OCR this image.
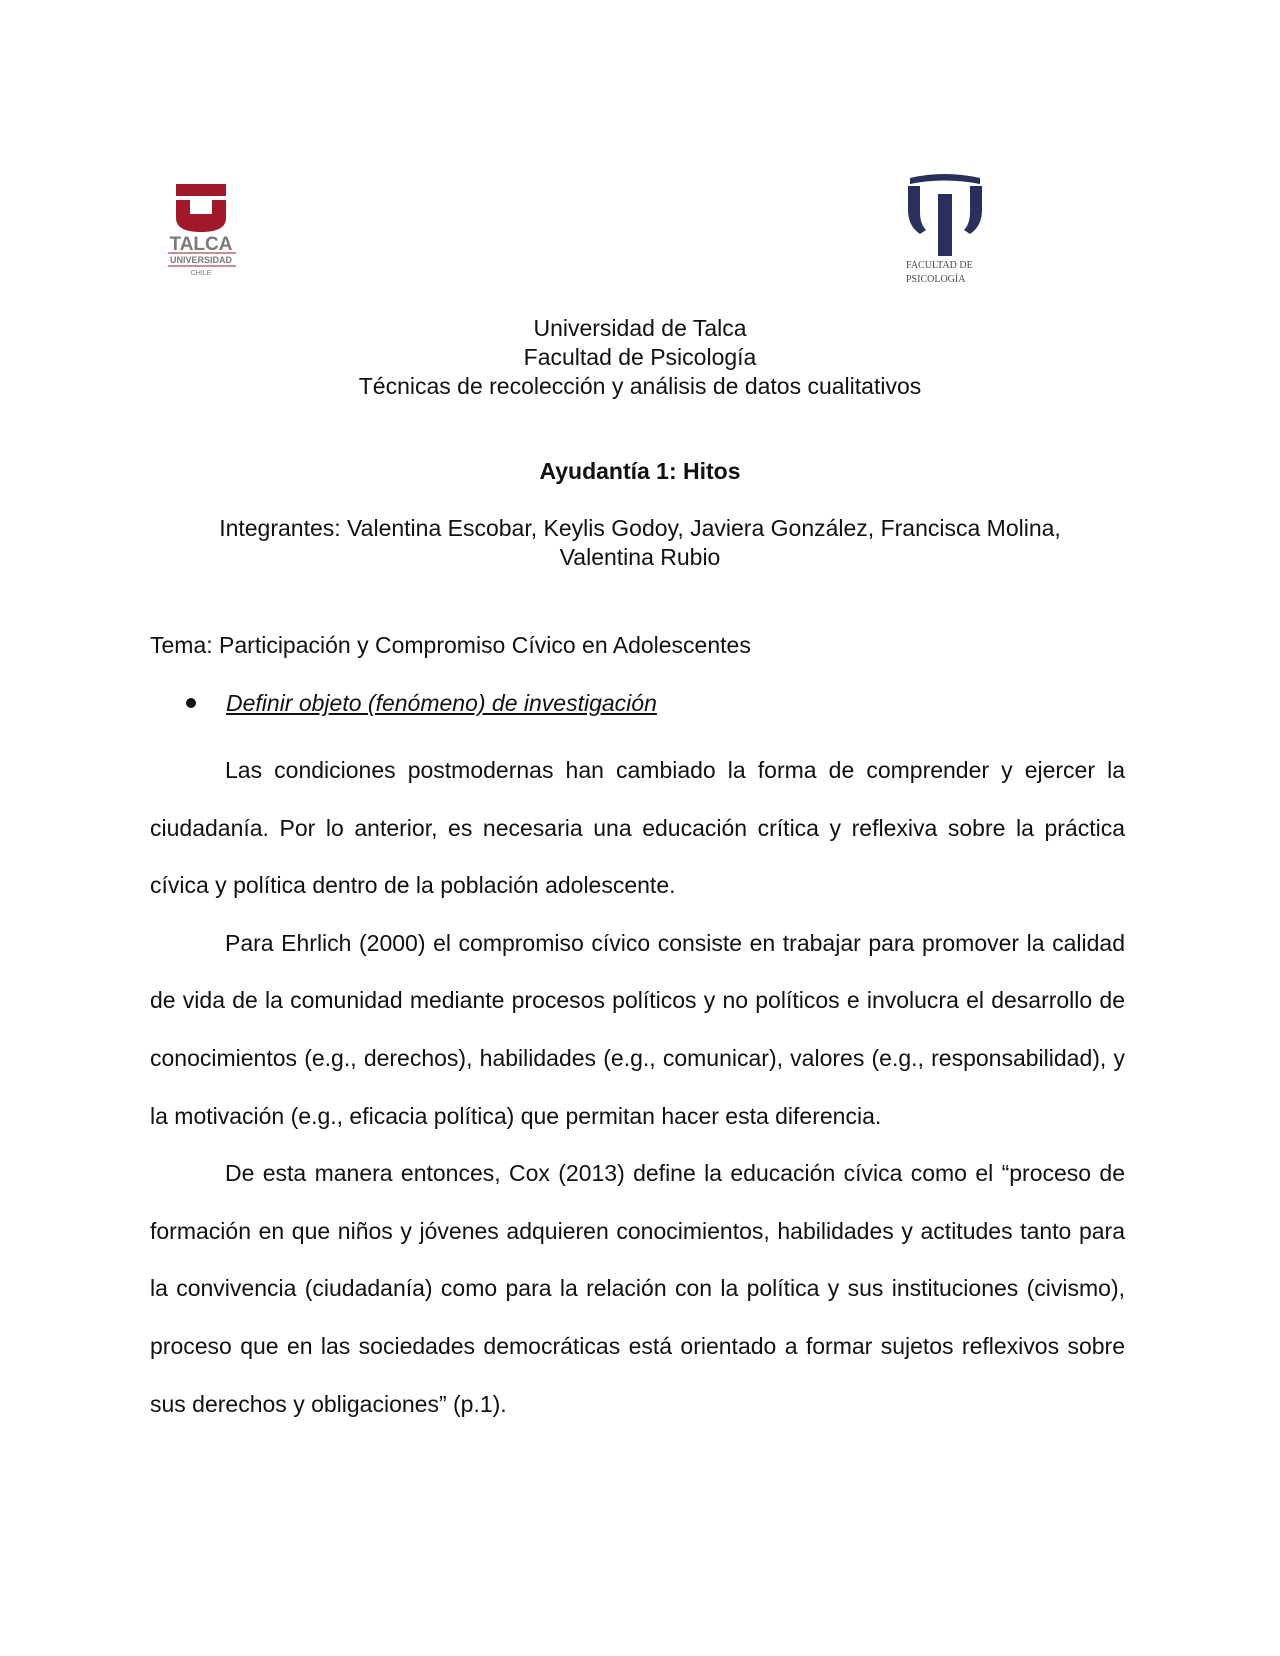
TALCA
UNIVERSIDAD
CHILE
FACULTAD DE
PSICOLOGÍA
Universidad de Talca
Facultad de Psicología
Técnicas de recolección y análisis de datos cualitativos
Ayudantía 1: Hitos
Integrantes: Valentina Escobar, Keylis Godoy, Javiera González, Francisca Molina,
Valentina Rubio
Tema: Participación y Compromiso Cívico en Adolescentes
Definir objeto (fenómeno) de investigación

Las condiciones postmodernas han cambiado la forma de comprender y ejercer la ciudadanía. Por lo anterior, es necesaria una educación crítica y reflexiva sobre la práctica cívica y política dentro de la población adolescente.

Para Ehrlich (2000) el compromiso cívico consiste en trabajar para promover la calidad de vida de la comunidad mediante procesos políticos y no políticos e involucra el desarrollo de conocimientos (e.g., derechos), habilidades (e.g., comunicar), valores (e.g., responsabilidad), y la motivación (e.g., eficacia política) que permitan hacer esta diferencia.

De esta manera entonces, Cox (2013) define la educación cívica como el “proceso de formación en que niños y jóvenes adquieren conocimientos, habilidades y actitudes tanto para la convivencia (ciudadanía) como para la relación con la política y sus instituciones (civismo), proceso que en las sociedades democráticas está orientado a formar sujetos reflexivos sobre sus derechos y obligaciones” (p.1).
